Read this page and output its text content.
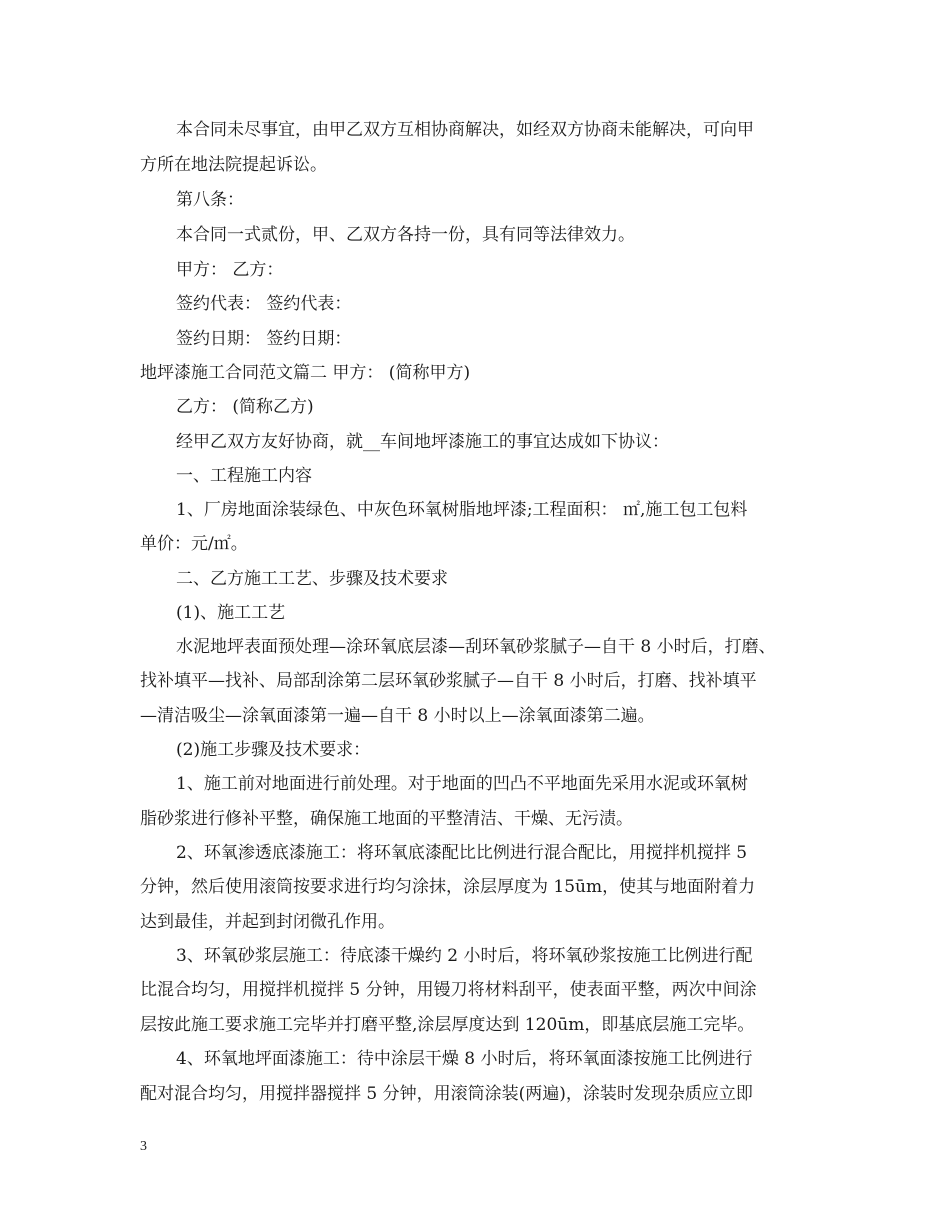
本合同未尽事宜，由甲乙双方互相协商解决，如经双方协商未能解决，可向甲

方所在地法院提起诉讼。

第八条：

本合同一式贰份，甲、乙双方各持一份，具有同等法律效力。

甲方： 乙方：

签约代表： 签约代表：

签约日期： 签约日期：

地坪漆施工合同范文篇二 甲方： (简称甲方)

乙方： (简称乙方)

经甲乙双方友好协商，就__车间地坪漆施工的事宜达成如下协议：

一、工程施工内容

1、厂房地面涂装绿色、中灰色环氧树脂地坪漆;工程面积： ㎡,施工包工包料

单价：元/㎡。

二、乙方施工工艺、步骤及技术要求

(1)、施工工艺

水泥地坪表面预处理—涂环氧底层漆—刮环氧砂浆腻子—自干 8 小时后，打磨、

找补填平—找补、局部刮涂第二层环氧砂浆腻子—自干 8 小时后，打磨、找补填平

—清洁吸尘—涂氧面漆第一遍—自干 8 小时以上—涂氧面漆第二遍。

(2)施工步骤及技术要求：

1、施工前对地面进行前处理。对于地面的凹凸不平地面先采用水泥或环氧树

脂砂浆进行修补平整，确保施工地面的平整清洁、干燥、无污渍。

2、环氧渗透底漆施工：将环氧底漆配比比例进行混合配比，用搅拌机搅拌 5

分钟，然后使用滚筒按要求进行均匀涂抹，涂层厚度为 15ūm，使其与地面附着力

达到最佳，并起到封闭微孔作用。

3、环氧砂浆层施工：待底漆干燥约 2 小时后，将环氧砂浆按施工比例进行配

比混合均匀，用搅拌机搅拌 5 分钟，用镘刀将材料刮平，使表面平整，两次中间涂

层按此施工要求施工完毕并打磨平整,涂层厚度达到 120ūm，即基底层施工完毕。

4、环氧地坪面漆施工：待中涂层干燥 8 小时后，将环氧面漆按施工比例进行

配对混合均匀，用搅拌器搅拌 5 分钟，用滚筒涂装(两遍)，涂装时发现杂质应立即

3
